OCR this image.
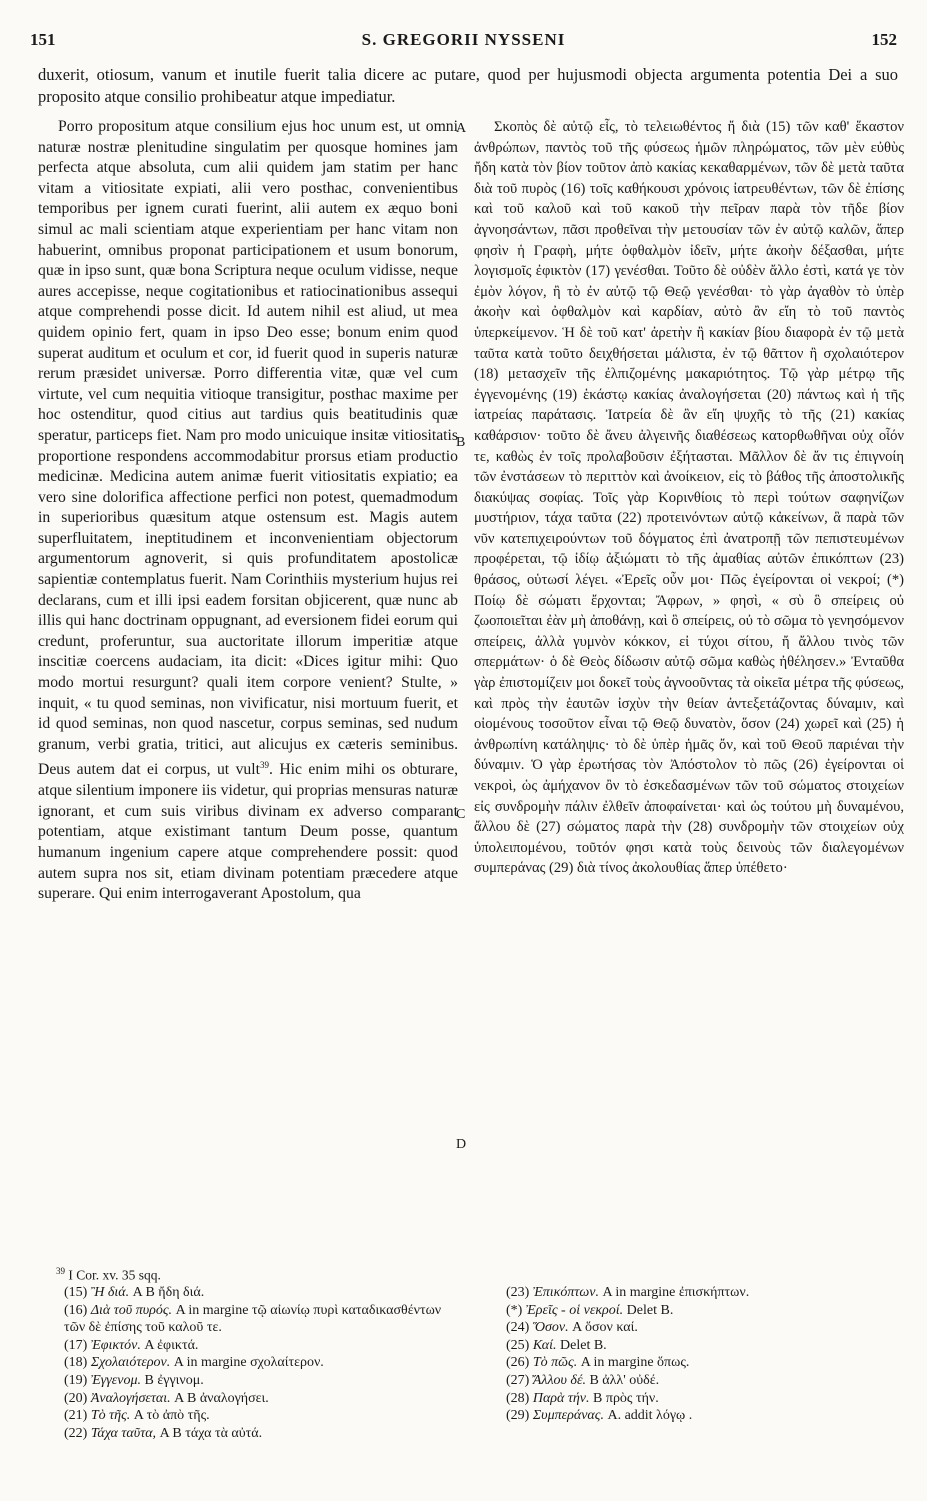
S. GREGORII NYSSENI
151	152
duxerit, otiosum, vanum et inutile fuerit talia dicere ac putare, quod per hujusmodi objecta argumenta potentia Dei a suo proposito atque consilio prohibeatur atque impediatur.

Porro propositum atque consilium ejus hoc unum est, ut omni naturæ nostræ plenitudine singulatim per quosque homines jam perfecta atque absoluta, cum alii quidem jam statim per hanc vitam a vitiositate expiati, alii vero posthac, convenientibus temporibus per ignem curati fuerint, alii autem ex æquo boni simul ac mali scientiam atque experientiam per hanc vitam non habuerint, omnibus proponat participationem et usum bonorum, quæ in ipso sunt, quæ bona Scriptura neque oculum vidisse, neque aures accepisse, neque cogitationibus et ratiocinationibus assequi atque comprehendi posse dicit. Id autem nihil est aliud, ut mea quidem opinio fert, quam in ipso Deo esse; bonum enim quod superat auditum et oculum et cor, id fuerit quod in superis naturæ rerum præsidet universæ. Porro differentia vitæ, quæ vel cum virtute, vel cum nequitia vitioque transigitur, posthac maxime per hoc ostenditur, quod citius aut tardius quis beatitudinis quæ speratur, particeps fiet. Nam pro modo unicuique insitæ vitiositatis proportione respondens accommodabitur prorsus etiam productio medicinæ. Medicina autem animæ fuerit vitiositatis expiatio; ea vero sine dolorifica affectione perfici non potest, quemadmodum in superioribus quæsitum atque ostensum est. Magis autem superfluitatem, ineptitudinem et inconvenientiam objectorum argumentorum agnoverit, si quis profunditatem apostolicæ sapientiæ contemplatus fuerit. Nam Corinthiis mysterium hujus rei declarans, cum et illi ipsi eadem forsitan objicerent, quæ nunc ab illis qui hanc doctrinam oppugnant, ad eversionem fidei eorum qui credunt, proferuntur, sua auctoritate illorum imperitiæ atque inscitiæ coercens audaciam, ita dicit: «Dices igitur mihi: Quo modo mortui resurgunt? quali item corpore venient? Stulte, » inquit, « tu quod seminas, non vivificatur, nisi mortuum fuerit, et id quod seminas, non quod nascetur, corpus seminas, sed nudum granum, verbi gratia, tritici, aut alicujus ex cæteris seminibus. Deus autem dat ei corpus, ut vult$^{39}$. Hic enim mihi os obturare, atque silentium imponere iis videtur, qui proprias mensuras naturæ ignorant, et cum suis viribus divinam ex adverso comparant potentiam, atque existimant tantum Deum posse, quantum humanum ingenium capere atque comprehendere possit: quod autem supra nos sit, etiam divinam potentiam præcedere atque superare. Qui enim interrogaverant Apostolum, qua

A
B
C
D

Σκοπὸς δὲ αὐτῷ εἷς, τὸ τελειωθέντος ἤ διὰ (15) τῶν καθ' ἕκαστον ἀνθρώπων, παντὸς τοῦ τῆς φύσεως ἡμῶν πληρώματος, τῶν μὲν εὐθὺς ἤδη κατὰ τὸν βίον τοῦτον ἀπὸ κακίας κεκαθαρμένων, τῶν δὲ μετὰ ταῦτα διὰ τοῦ πυρὸς (16) τοῖς καθήκουσι χρόνοις ἰατρευθέντων, τῶν δὲ ἐπίσης καὶ τοῦ καλοῦ καὶ τοῦ κακοῦ τὴν πεῖραν παρὰ τὸν τῆδε βίον ἀγνοησάντων, πᾶσι προθεῖναι τὴν μετουσίαν τῶν ἐν αὐτῷ καλῶν, ἅπερ φησὶν ἡ Γραφὴ, μήτε ὀφθαλμὸν ἰδεῖν, μήτε ἀκοὴν δέξασθαι, μήτε λογισμοῖς ἐφικτὸν (17) γενέσθαι. Τοῦτο δὲ οὐδὲν ἄλλο ἐστὶ, κατά γε τὸν ἐμὸν λόγον, ἢ τὸ ἐν αὐτῷ τῷ Θεῷ γενέσθαι· τὸ γὰρ ἀγαθὸν τὸ ὑπὲρ ἀκοὴν καὶ ὀφθαλμὸν καὶ καρδίαν, αὐτὸ ἂν εἴη τὸ τοῦ παντὸς ὑπερκείμενον. Ἡ δὲ τοῦ κατ' ἀρετὴν ἢ κακίαν βίου διαφορὰ ἐν τῷ μετὰ ταῦτα κατὰ τοῦτο δειχθήσεται μάλιστα, ἐν τῷ θᾶττον ἢ σχολαιότερον (18) μετασχεῖν τῆς ἐλπιζομένης μακαριότητος. Τῷ γὰρ μέτρῳ τῆς ἐγγενομένης (19) ἑκάστῳ κακίας ἀναλογήσεται (20) πάντως καὶ ἡ τῆς ἰατρείας παράτασις. Ἰατρεία δὲ ἂν εἴη ψυχῆς τὸ τῆς (21) κακίας καθάρσιον· τοῦτο δὲ ἄνευ ἀλγεινῆς διαθέσεως κατορθωθῆναι οὐχ οἷόν τε, καθὼς ἐν τοῖς προλαβοῦσιν ἐξήτασται. Μᾶλλον δὲ ἄν τις ἐπιγνοίη τῶν ἐνστάσεων τὸ περιττὸν καὶ ἀνοίκειον, εἰς τὸ βάθος τῆς ἀποστολικῆς διακύψας σοφίας. Τοῖς γὰρ Κορινθίοις τὸ περὶ τούτων σαφηνίζων μυστήριον, τάχα ταῦτα (22) προτεινόντων αὐτῷ κἀκείνων, ἃ παρὰ τῶν νῦν κατεπιχειρούντων τοῦ δόγματος ἐπὶ ἀνατροπῇ τῶν πεπιστευμένων προφέρεται, τῷ ἰδίῳ ἀξιώματι τὸ τῆς ἀμαθίας αὐτῶν ἐπικόπτων (23) θράσος, οὑτωσί λέγει. «Ἐρεῖς οὖν μοι· Πῶς ἐγείρονται οἱ νεκροί; (*) Ποίῳ δὲ σώματι ἔρχονται; Ἄφρων, » φησὶ, « σὺ ὃ σπείρεις οὐ ζωοποιεῖται ἐὰν μὴ ἀποθάνῃ, καὶ ὃ σπείρεις, οὐ τὸ σῶμα τὸ γενησόμενον σπείρεις, ἀλλὰ γυμνὸν κόκκον, εἰ τύχοι σίτου, ἤ ἄλλου τινὸς τῶν σπερμάτων· ὁ δὲ Θεὸς δίδωσιν αὐτῷ σῶμα καθὼς ἠθέλησεν.» Ἐνταῦθα γὰρ ἐπιστομίζειν μοι δοκεῖ τοὺς ἀγνοοῦντας τὰ οἰκεῖα μέτρα τῆς φύσεως, καὶ πρὸς τὴν ἑαυτῶν ἰσχὺν τὴν θείαν ἀντεξετάζοντας δύναμιν, καὶ οἰομένους τοσοῦτον εἶναι τῷ Θεῷ δυνατὸν, ὅσον (24) χωρεῖ καὶ (25) ἡ ἀνθρωπίνη κατάληψις· τὸ δὲ ὑπὲρ ἡμᾶς ὄν, καὶ τοῦ Θεοῦ παριέναι τὴν δύναμιν. Ὁ γὰρ ἐρωτήσας τὸν Ἀπόστολον τὸ πῶς (26) ἐγείρονται οἱ νεκροὶ, ὡς ἀμήχανον ὂν τὸ ἐσκεδασμένων τῶν τοῦ σώματος στοιχείων εἰς συνδρομὴν πάλιν ἐλθεῖν ἀποφαίνεται· καὶ ὡς τούτου μὴ δυναμένου, ἄλλου δὲ (27) σώματος παρὰ τὴν (28) συνδρομὴν τῶν στοιχείων οὐχ ὑπολειπομένου, τοῦτόν φησι κατὰ τοὺς δεινοὺς τῶν διαλεγομένων συμπεράνας (29) διὰ τίνος ἀκολουθίας ἅπερ ὑπέθετο·

$^{39}$ I Cor. xv. 35 sqq.
(15) Ἢ διά. A B ἤδη διά.
(16) Διὰ τοῦ πυρός. A in margine τῷ αἰωνίῳ πυρὶ καταδικασθέντων τῶν δὲ ἐπίσης τοῦ καλοῦ τε.
(17) Ἐφικτόν. A ἐφικτά.
(18) Σχολαιότερον. A in margine σχολαίτερον.
(19) Ἐγγενομ. B ἐγγινομ.
(20) Ἀναλογήσεται. A B ἀναλογήσει.
(21) Τὸ τῆς. A τὸ ἀπὸ τῆς.
(22) Τάχα ταῦτα, A B τάχα τὰ αὐτά.
(23) Ἐπικόπτων. A in margine ἐπισκήπτων.
(*) Ἐρεῖς - οἱ νεκροί. Delet B.
(24) Ὅσον. A ὅσον καί.
(25) Καί. Delet B.
(26) Τὸ πῶς. A in margine ὅπως.
(27) Ἄλλου δέ. B ἀλλ' οὐδέ.
(28) Παρὰ τήν. B πρὸς τήν.
(29) Συμπεράνας. A. addit λόγῳ .
